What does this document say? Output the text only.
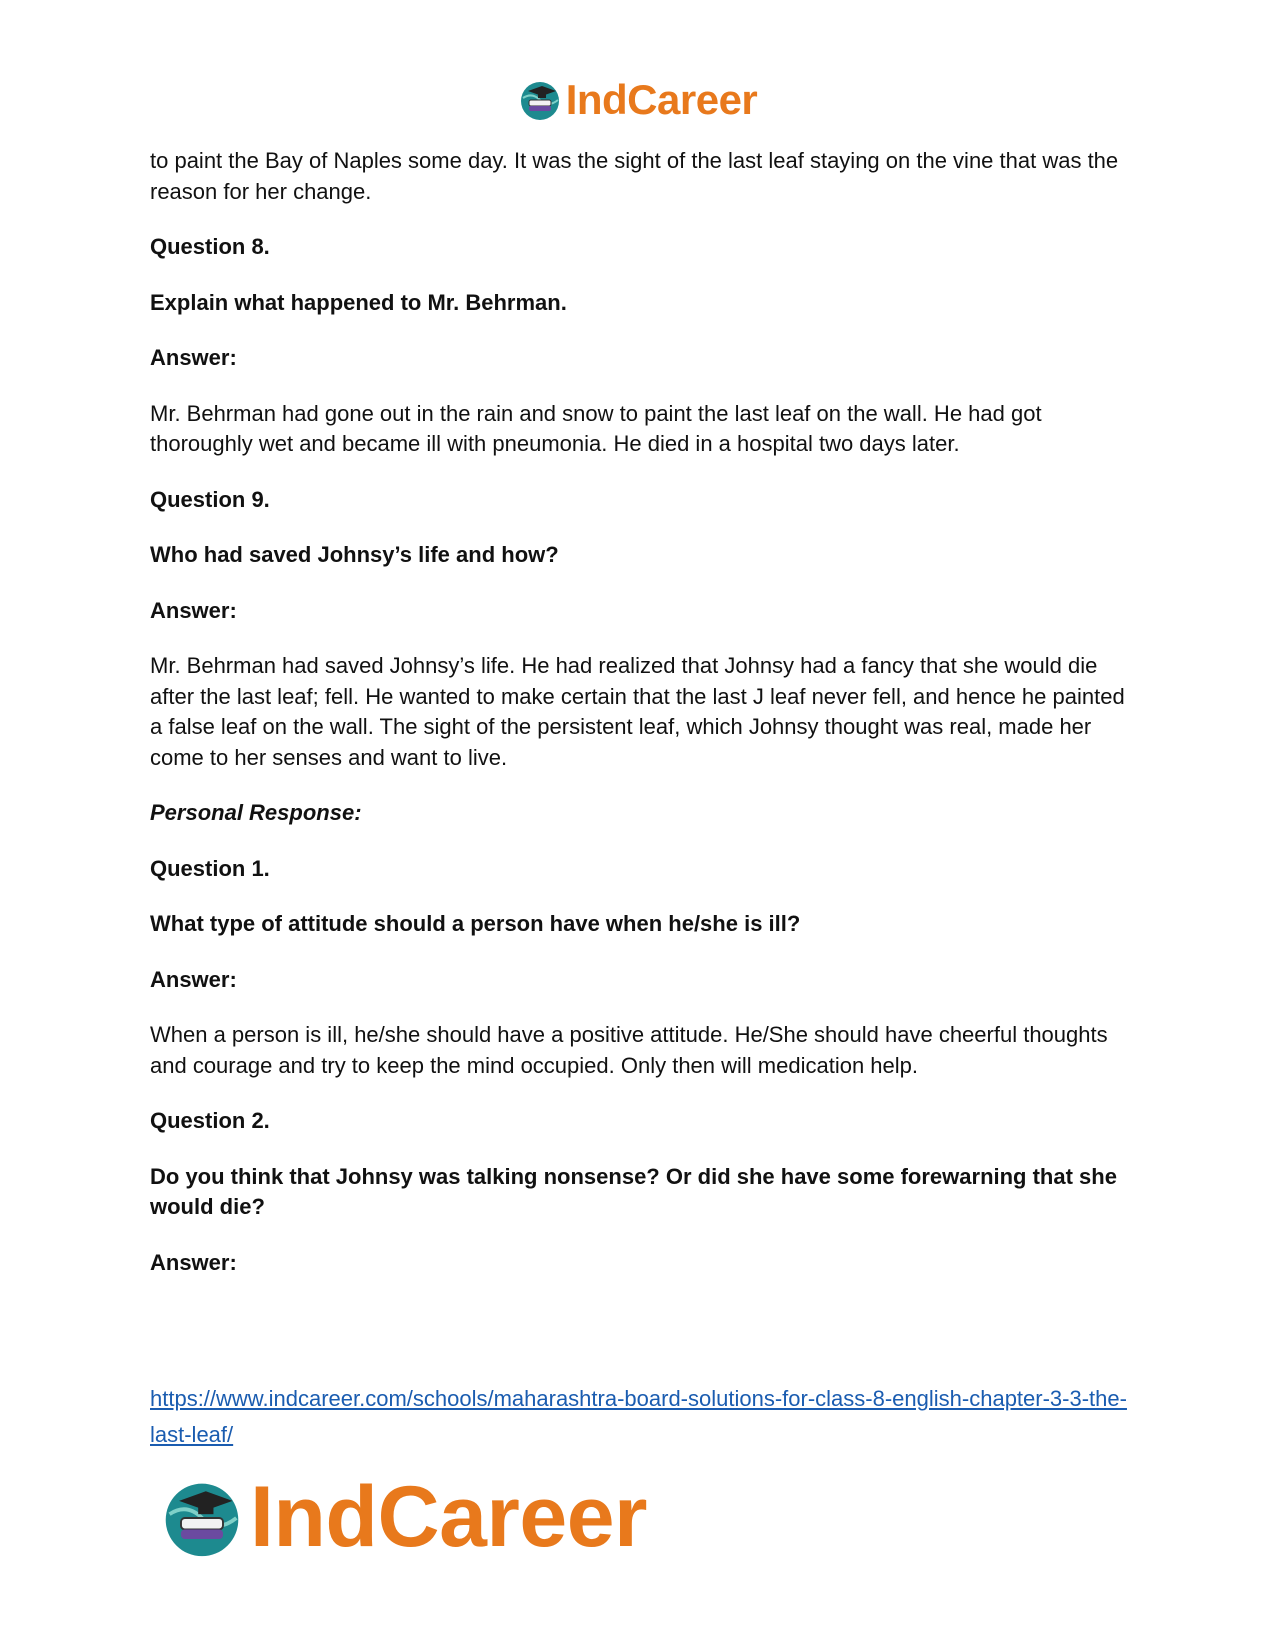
IndCareer

to paint the Bay of Naples some day. It was the sight of the last leaf staying on the vine that was the reason for her change.

Question 8.

Explain what happened to Mr. Behrman.

Answer:

Mr. Behrman had gone out in the rain and snow to paint the last leaf on the wall. He had got thoroughly wet and became ill with pneumonia. He died in a hospital two days later.

Question 9.

Who had saved Johnsy’s life and how?

Answer:

Mr. Behrman had saved Johnsy’s life. He had realized that Johnsy had a fancy that she would die after the last leaf; fell. He wanted to make certain that the last J leaf never fell, and hence he painted a false leaf on the wall. The sight of the persistent leaf, which Johnsy thought was real, made her come to her senses and want to live.

Personal Response:

Question 1.

What type of attitude should a person have when he/she is ill?

Answer:

When a person is ill, he/she should have a positive attitude. He/She should have cheerful thoughts and courage and try to keep the mind occupied. Only then will medication help.

Question 2.

Do you think that Johnsy was talking nonsense? Or did she have some forewarning that she would die?

Answer:

https://www.indcareer.com/schools/maharashtra-board-solutions-for-class-8-english-chapter-3-3-the-last-leaf/
IndCareer
